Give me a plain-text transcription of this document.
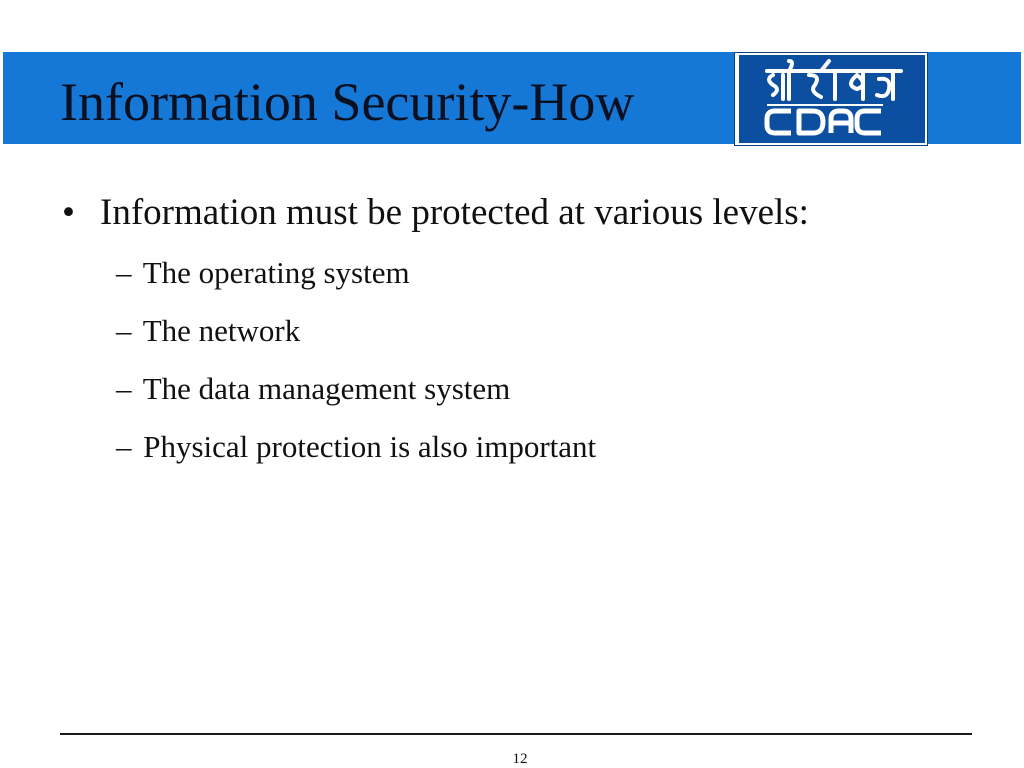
Information Security-How
• Information must be protected at various levels:
– The operating system
– The network
– The data management system
– Physical protection is also important
12
